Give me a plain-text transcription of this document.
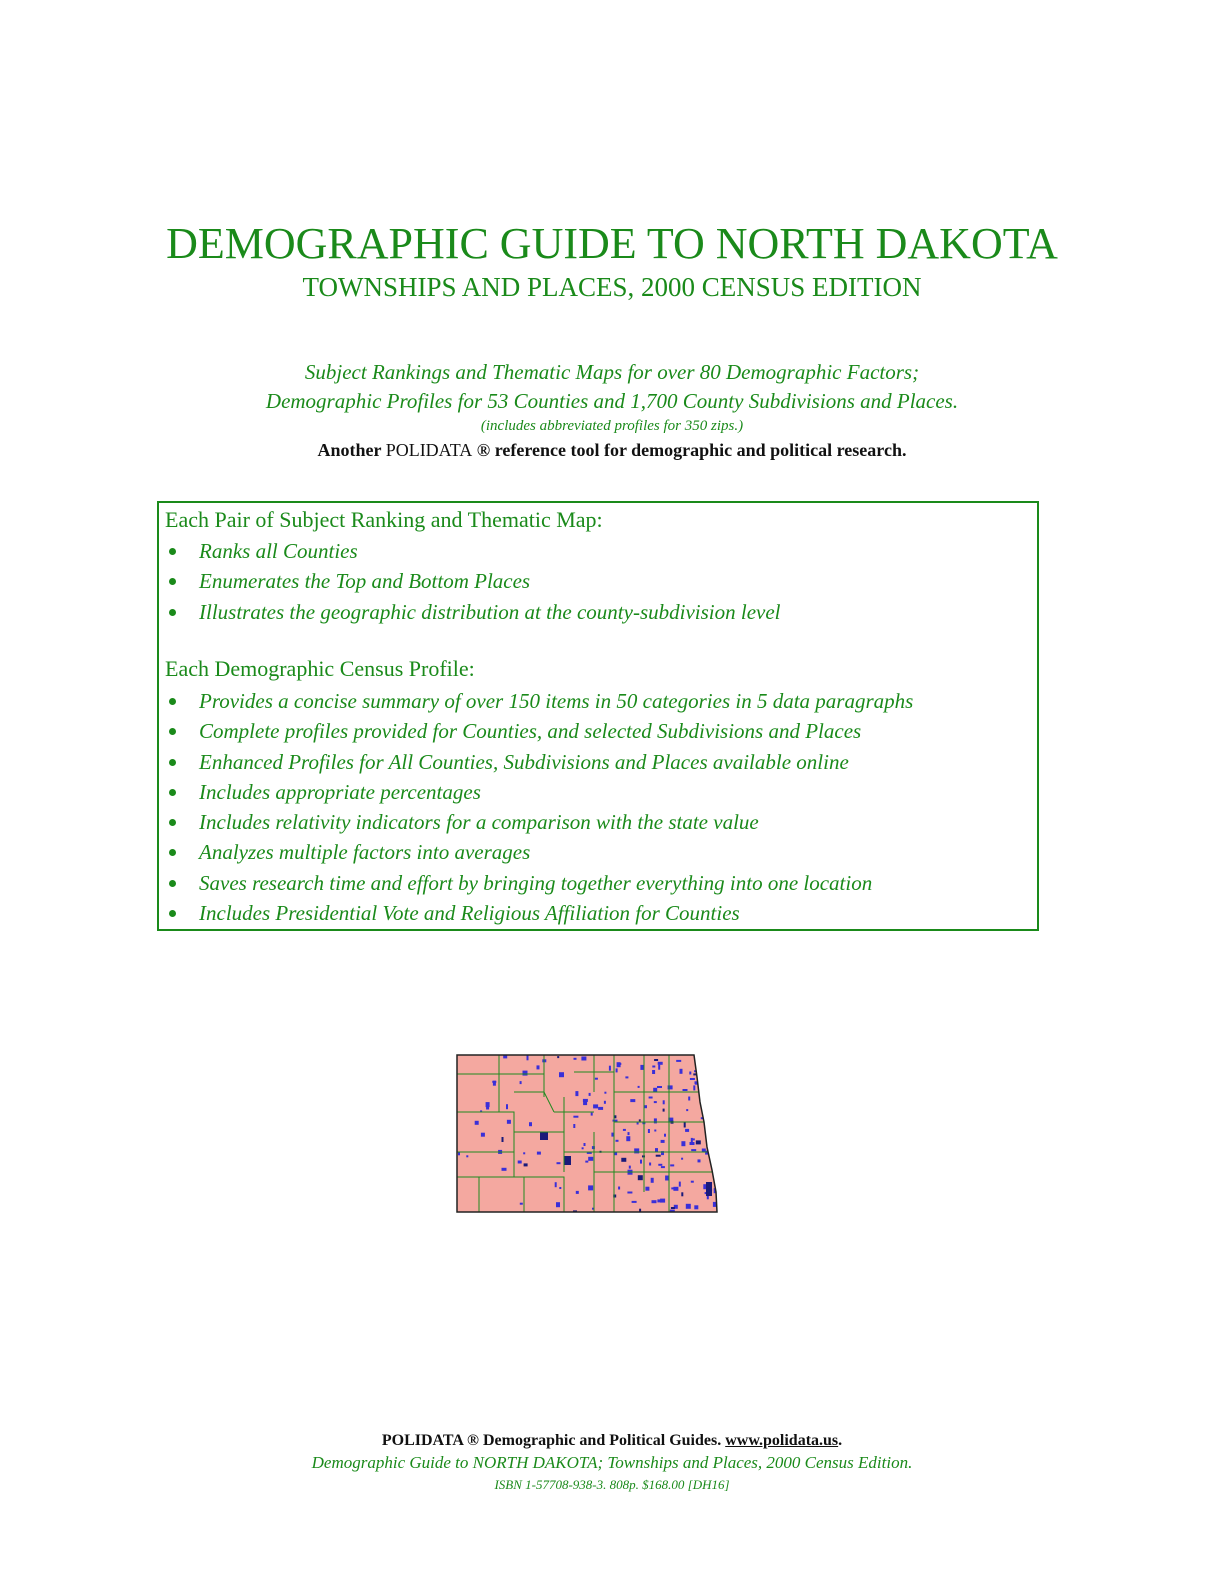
DEMOGRAPHIC GUIDE TO NORTH DAKOTA
TOWNSHIPS AND PLACES, 2000 CENSUS EDITION
Subject Rankings and Thematic Maps for over 80 Demographic Factors;
Demographic Profiles for 53 Counties and 1,700 County Subdivisions and Places.
(includes abbreviated profiles for 350 zips.)
Another POLIDATA ® reference tool for demographic and political research.
Each Pair of Subject Ranking and Thematic Map:
Ranks all Counties
Enumerates the Top and Bottom Places
Illustrates the geographic distribution at the county-subdivision level
Each Demographic Census Profile:
Provides a concise summary of over 150 items in 50 categories in 5 data paragraphs
Complete profiles provided for Counties, and selected Subdivisions and Places
Enhanced Profiles for All Counties, Subdivisions and Places available online
Includes appropriate percentages
Includes relativity indicators for a comparison with the state value
Analyzes multiple factors into averages
Saves research time and effort by bringing together everything into one location
Includes Presidential Vote and Religious Affiliation for Counties
POLIDATA ® Demographic and Political Guides. www.polidata.us.
Demographic Guide to NORTH DAKOTA; Townships and Places, 2000 Census Edition.
ISBN 1-57708-938-3. 808p. $168.00 [DH16]
